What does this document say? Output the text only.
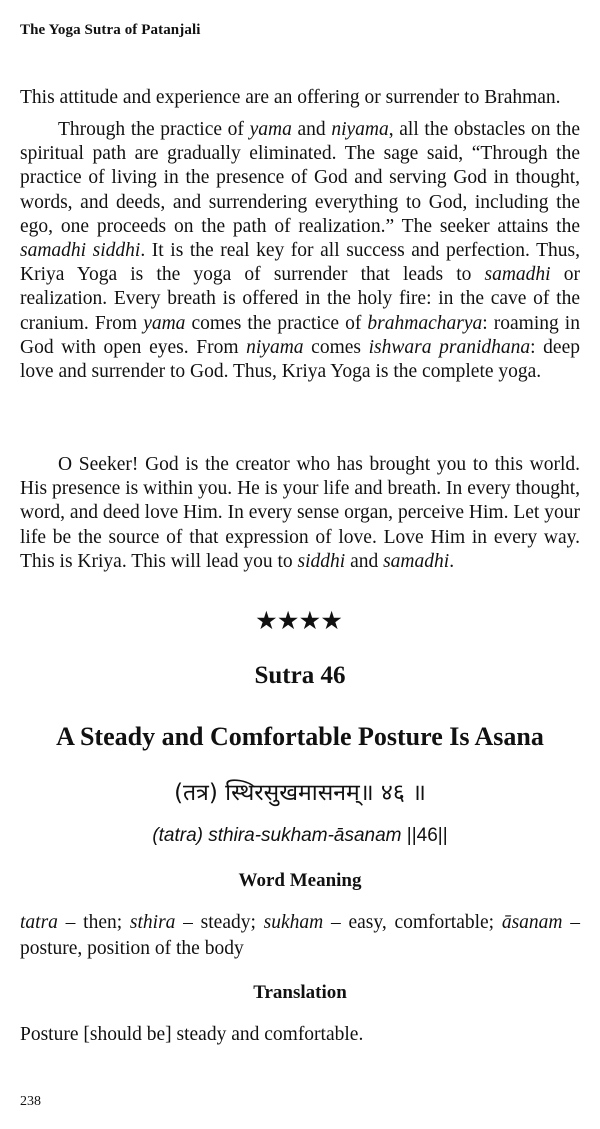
The Yoga Sutra of Patanjali

This attitude and experience are an offering or surrender to Brahman.

Through the practice of yama and niyama, all the obstacles on the spiritual path are gradually eliminated. The sage said, “Through the practice of living in the presence of God and serving God in thought, words, and deeds, and surrendering everything to God, including the ego, one proceeds on the path of realization.” The seeker attains the samadhi siddhi. It is the real key for all success and perfection. Thus, Kriya Yoga is the yoga of surrender that leads to samadhi or realization. Every breath is offered in the holy fire: in the cave of the cranium. From yama comes the practice of brahmacharya: roaming in God with open eyes. From niyama comes ishwara pranidhana: deep love and surrender to God. Thus, Kriya Yoga is the complete yoga.

O Seeker! God is the creator who has brought you to this world. His presence is within you. He is your life and breath. In every thought, word, and deed love Him. In every sense organ, perceive Him. Let your life be the source of that expression of love. Love Him in every way. This is Kriya. This will lead you to siddhi and samadhi.

★★★★
Sutra 46
A Steady and Comfortable Posture Is Asana
(तत्र) स्थिरसुखमासनम्॥ ४६ ॥
(tatra) sthira-sukham-āsanam ||46||
Word Meaning

tatra – then; sthira – steady; sukham – easy, comfortable; āsanam – posture, position of the body

Translation
Posture [should be] steady and comfortable.
238
